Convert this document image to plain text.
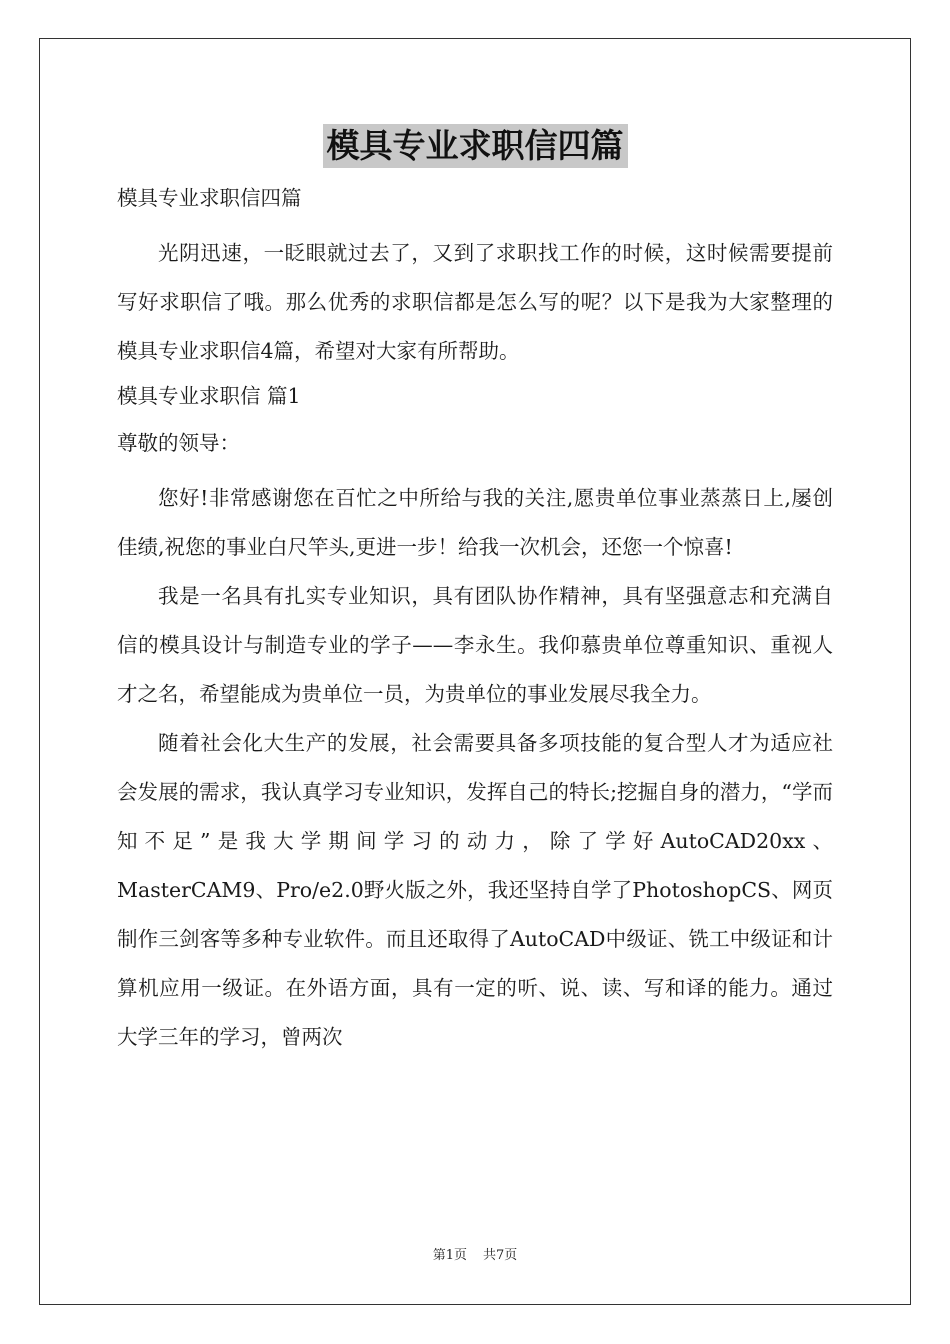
模具专业求职信四篇

模具专业求职信四篇

光阴迅速，一眨眼就过去了，又到了求职找工作的时候，这时候需要提前写好求职信了哦。那么优秀的求职信都是怎么写的呢？以下是我为大家整理的模具专业求职信4篇，希望对大家有所帮助。

模具专业求职信 篇1

尊敬的领导：

您好!非常感谢您在百忙之中所给与我的关注,愿贵单位事业蒸蒸日上,屡创佳绩,祝您的事业白尺竿头,更进一步！给我一次机会，还您一个惊喜!

我是一名具有扎实专业知识，具有团队协作精神，具有坚强意志和充满自信的模具设计与制造专业的学子——李永生。我仰慕贵单位尊重知识、重视人才之名，希望能成为贵单位一员，为贵单位的事业发展尽我全力。

随着社会化大生产的发展，社会需要具备多项技能的复合型人才为适应社会发展的需求，我认真学习专业知识，发挥自己的特长;挖掘自身的潜力，“学而知不足”是我大学期间学习的动力，除了学好AutoCAD20xx、MasterCAM9、Pro/e2.0野火版之外，我还坚持自学了PhotoshopCS、网页制作三剑客等多种专业软件。而且还取得了AutoCAD中级证、铣工中级证和计算机应用一级证。在外语方面，具有一定的听、说、读、写和译的能力。通过大学三年的学习，曾两次

第1页 共7页
